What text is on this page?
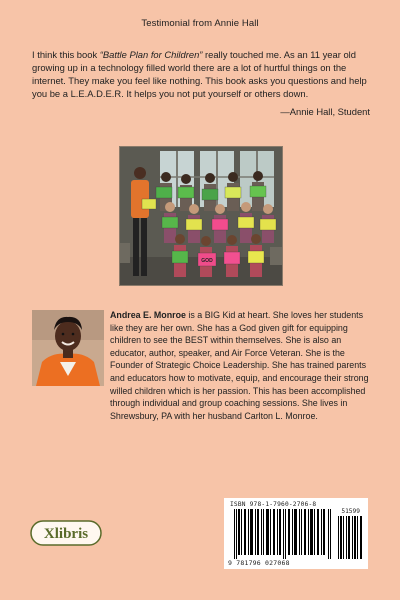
Testimonial from Annie Hall
I think this book “Battle Plan for Children” really touched me. As an 11 year old growing up in a technology filled world there are a lot of hurtful things on the internet. They make you feel like nothing. This book asks you questions and help you be a L.E.A.D.E.R. It helps you not put yourself or others down.
—Annie Hall, Student
GOD
Andrea E. Monroe is a BIG Kid at heart. She loves her students like they are her own. She has a God given gift for equipping children to see the BEST within themselves. She is also an educator, author, speaker, and Air Force Veteran. She is the Founder of Strategic Choice Leadership. She has trained parents and educators how to motivate, equip, and encourage their strong willed children which is her passion. This has been accomplished through individual and group coaching sessions. She lives in Shrewsbury, PA with her husband Carlton L. Monroe.
Xlibris
ISBN 978-1-7960-2706-8
51599
9 781796 027068
